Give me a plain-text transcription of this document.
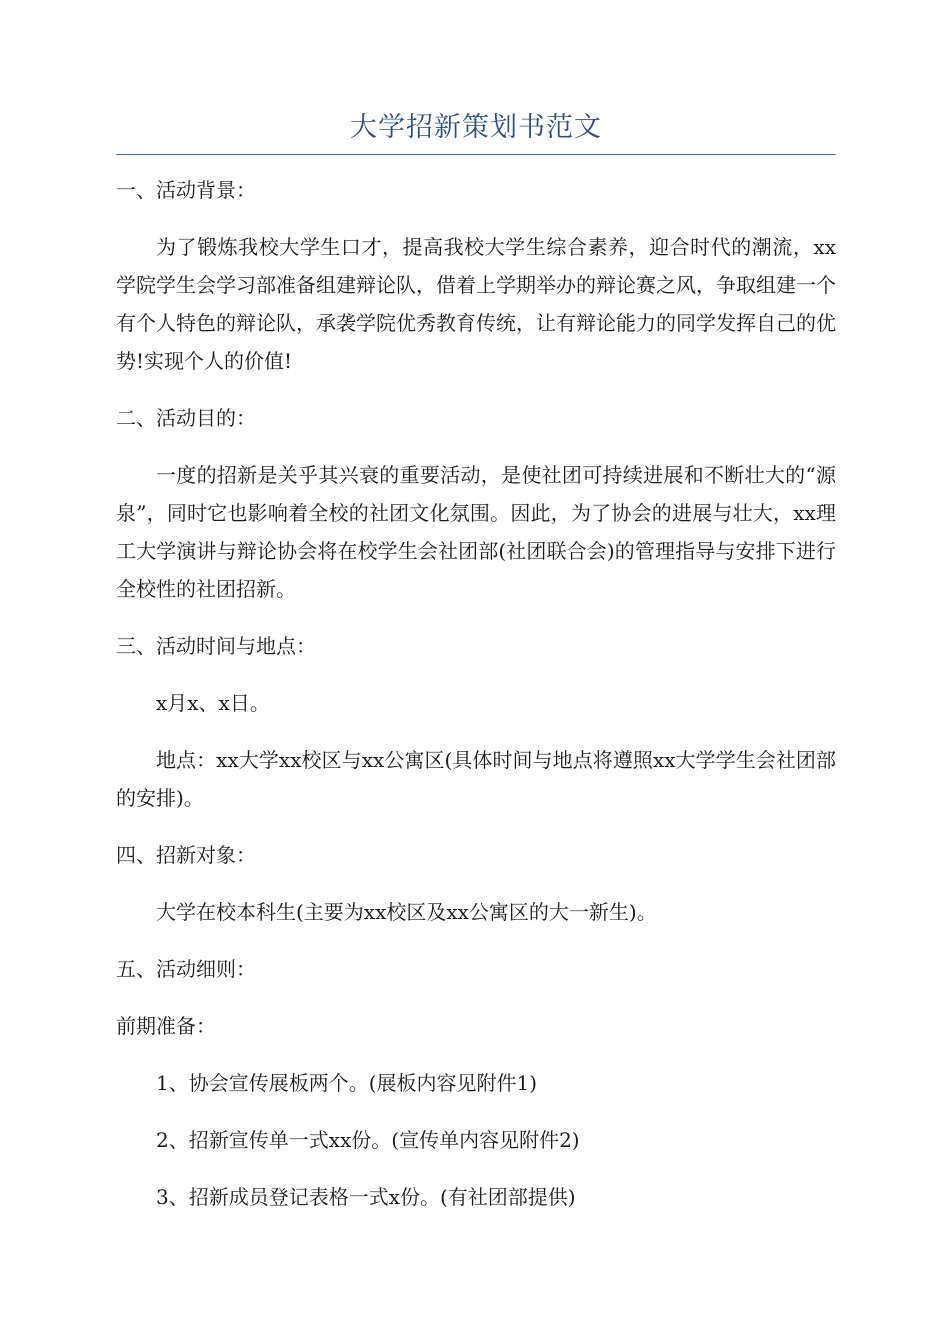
大学招新策划书范文
一、活动背景：
为了锻炼我校大学生口才，提高我校大学生综合素养，迎合时代的潮流，xx学院学生会学习部准备组建辩论队，借着上学期举办的辩论赛之风，争取组建一个有个人特色的辩论队，承袭学院优秀教育传统，让有辩论能力的同学发挥自己的优势!实现个人的价值!
二、活动目的：
一度的招新是关乎其兴衰的重要活动，是使社团可持续进展和不断壮大的“源泉”，同时它也影响着全校的社团文化氛围。因此，为了协会的进展与壮大，xx理工大学演讲与辩论协会将在校学生会社团部(社团联合会)的管理指导与安排下进行全校性的社团招新。
三、活动时间与地点：
x月x、x日。
地点：xx大学xx校区与xx公寓区(具体时间与地点将遵照xx大学学生会社团部的安排)。
四、招新对象：
大学在校本科生(主要为xx校区及xx公寓区的大一新生)。
五、活动细则：
前期准备：
1、协会宣传展板两个。(展板内容见附件1)
2、招新宣传单一式xx份。(宣传单内容见附件2)
3、招新成员登记表格一式x份。(有社团部提供)
